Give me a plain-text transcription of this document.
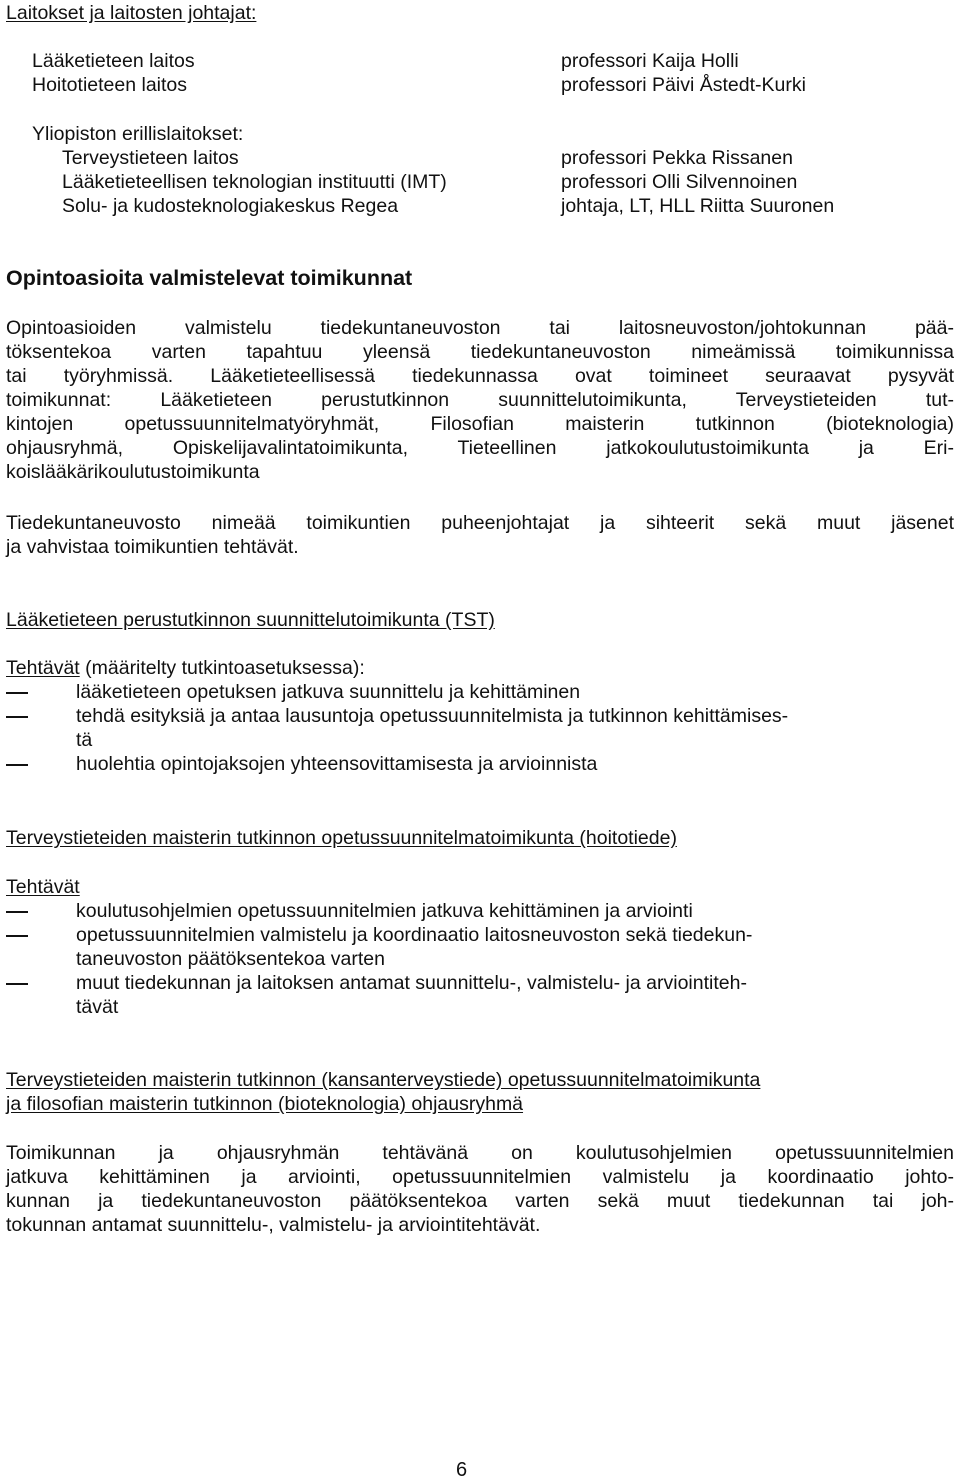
Laitokset ja laitosten johtajat:
Lääketieteen laitos	professori Kaija Holli
Hoitotieteen laitos	professori Päivi Åstedt-Kurki
Yliopiston erillislaitokset:
Terveystieteen laitos	professori Pekka Rissanen
Lääketieteellisen teknologian instituutti (IMT)	professori Olli Silvennoinen
Solu- ja kudosteknologiakeskus Regea	johtaja, LT, HLL Riitta Suuronen
Opintoasioita valmistelevat toimikunnat
Opintoasioiden valmistelu tiedekuntaneuvoston tai laitosneuvoston/johtokunnan pää-
töksentekoa varten tapahtuu yleensä tiedekuntaneuvoston nimeämissä toimikunnissa
tai työryhmissä. Lääketieteellisessä tiedekunnassa ovat toimineet seuraavat pysyvät
toimikunnat: Lääketieteen perustutkinnon suunnittelutoimikunta, Terveystieteiden tut-
kintojen opetussuunnitelmatyöryhmät, Filosofian maisterin tutkinnon (bioteknologia)
ohjausryhmä, Opiskelijavalintatoimikunta, Tieteellinen jatkokoulutustoimikunta ja Eri-
koislääkärikoulutustoimikunta
Tiedekuntaneuvosto nimeää toimikuntien puheenjohtajat ja sihteerit sekä muut jäsenet
ja vahvistaa toimikuntien tehtävät.
Lääketieteen perustutkinnon suunnittelutoimikunta (TST)
Tehtävät (määritelty tutkintoasetuksessa):
lääketieteen opetuksen jatkuva suunnittelu ja kehittäminen
tehdä esityksiä ja antaa lausuntoja opetussuunnitelmista ja tutkinnon kehittämises-
tä
huolehtia opintojaksojen yhteensovittamisesta ja arvioinnista
Terveystieteiden maisterin tutkinnon opetussuunnitelmatoimikunta (hoitotiede)
Tehtävät
koulutusohjelmien opetussuunnitelmien jatkuva kehittäminen ja arviointi
opetussuunnitelmien valmistelu ja koordinaatio laitosneuvoston sekä tiedekun-
taneuvoston päätöksentekoa varten
muut tiedekunnan ja laitoksen antamat suunnittelu-, valmistelu- ja arviointiteh-
tävät
Terveystieteiden maisterin tutkinnon (kansanterveystiede) opetussuunnitelmatoimikunta
ja filosofian maisterin tutkinnon (bioteknologia) ohjausryhmä
Toimikunnan ja ohjausryhmän tehtävänä on koulutusohjelmien opetussuunnitelmien
jatkuva kehittäminen ja arviointi, opetussuunnitelmien valmistelu ja koordinaatio johto-
kunnan ja tiedekuntaneuvoston päätöksentekoa varten sekä muut tiedekunnan tai joh-
tokunnan antamat suunnittelu-, valmistelu- ja arviointitehtävät.
6
